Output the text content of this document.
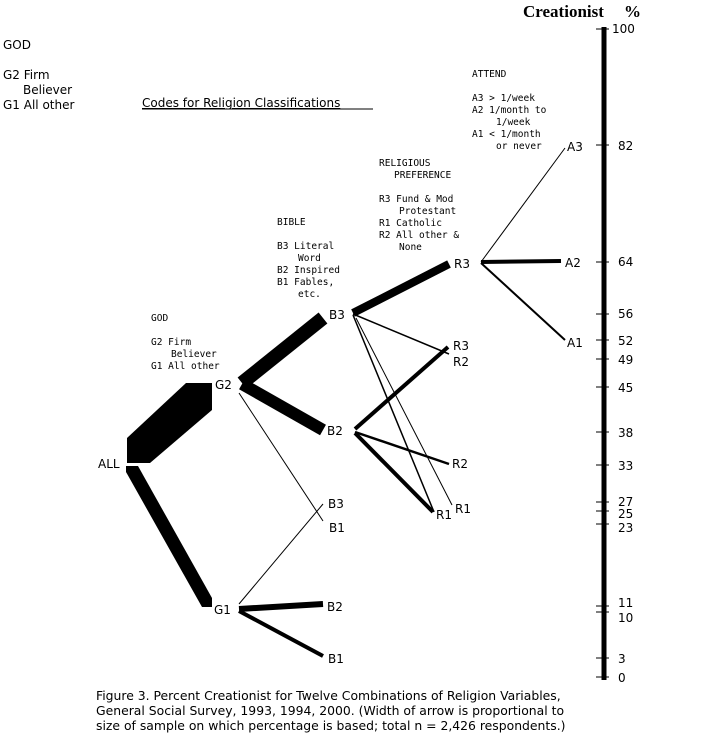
Creationist %
100
82
64
56
52
49
45
38
33
27
25
23
11
10
3
0
GOD
G2 Firm
Believer
G1 All other	Codes for Religion Classifications
GOD
G2 Firm
Believer
G1 All other
BIBLE
B3 Literal
Word
B2 Inspired
B1 Fables,
etc.
RELIGIOUS
PREFERENCE
R3 Fund & Mod
Protestant
R1 Catholic
R2 All other &
None
ATTEND
A3 > 1/week
A2 1/month to
1/week
A1 < 1/month
or never
ALL
G2
G1
B3
B2
B3
B1
B2
B1
R3
R3
R2
R2
R1
R1
A3
A2
A1
Figure 3. Percent Creationist for Twelve Combinations of Religion Variables,
General Social Survey, 1993, 1994, 2000. (Width of arrow is proportional to
size of sample on which percentage is based; total n = 2,426 respondents.)
